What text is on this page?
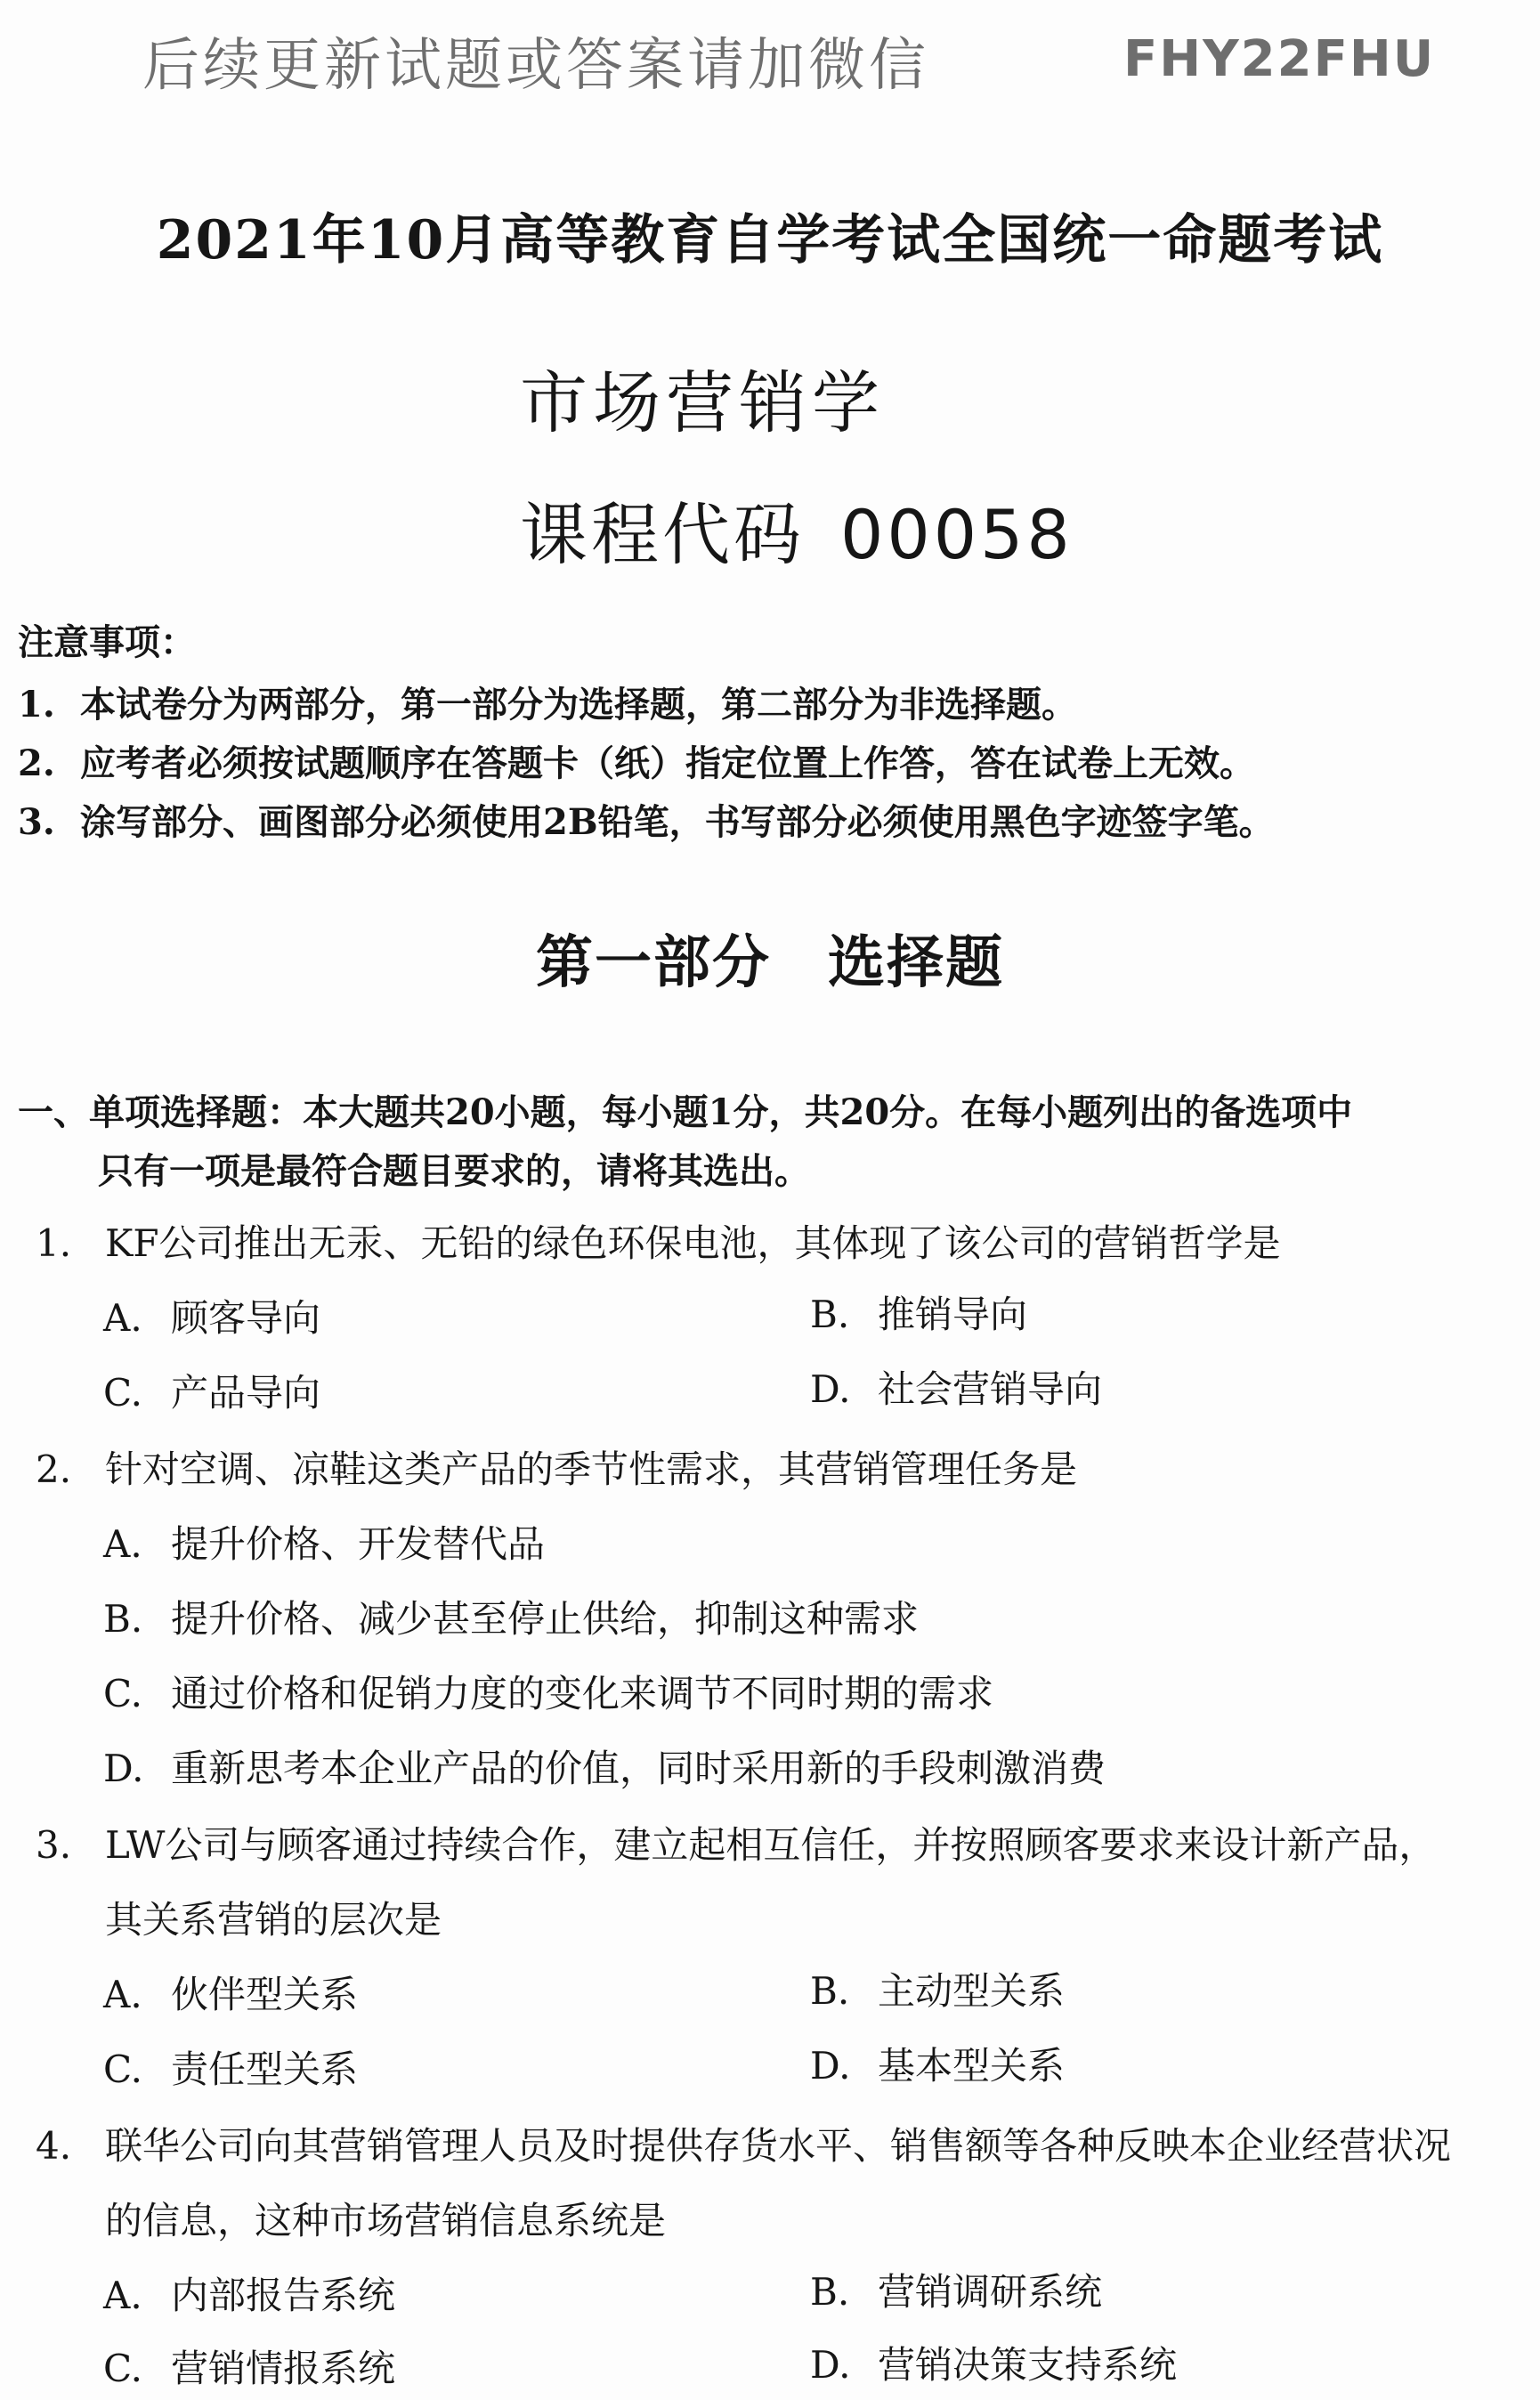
后续更新试题或答案请加微信	FHY22FHU
2021年10月高等教育自学考试全国统一命题考试
市场营销学
课程代码 00058
注意事项：
1. 本试卷分为两部分，第一部分为选择题，第二部分为非选择题。
2. 应考者必须按试题顺序在答题卡（纸）指定位置上作答，答在试卷上无效。
3. 涂写部分、画图部分必须使用2B铅笔，书写部分必须使用黑色字迹签字笔。
第一部分 选择题
一、单项选择题：本大题共20小题，每小题1分，共20分。在每小题列出的备选项中
只有一项是最符合题目要求的，请将其选出。
1. KF公司推出无汞、无铅的绿色环保电池，其体现了该公司的营销哲学是
A. 顾客导向	B. 推销导向
C. 产品导向	D. 社会营销导向
2. 针对空调、凉鞋这类产品的季节性需求，其营销管理任务是
A. 提升价格、开发替代品
B. 提升价格、减少甚至停止供给，抑制这种需求
C. 通过价格和促销力度的变化来调节不同时期的需求
D. 重新思考本企业产品的价值，同时采用新的手段刺激消费
3. LW公司与顾客通过持续合作，建立起相互信任，并按照顾客要求来设计新产品，
其关系营销的层次是
A. 伙伴型关系	B. 主动型关系
C. 责任型关系	D. 基本型关系
4. 联华公司向其营销管理人员及时提供存货水平、销售额等各种反映本企业经营状况
的信息，这种市场营销信息系统是
A. 内部报告系统	B. 营销调研系统
C. 营销情报系统	D. 营销决策支持系统
